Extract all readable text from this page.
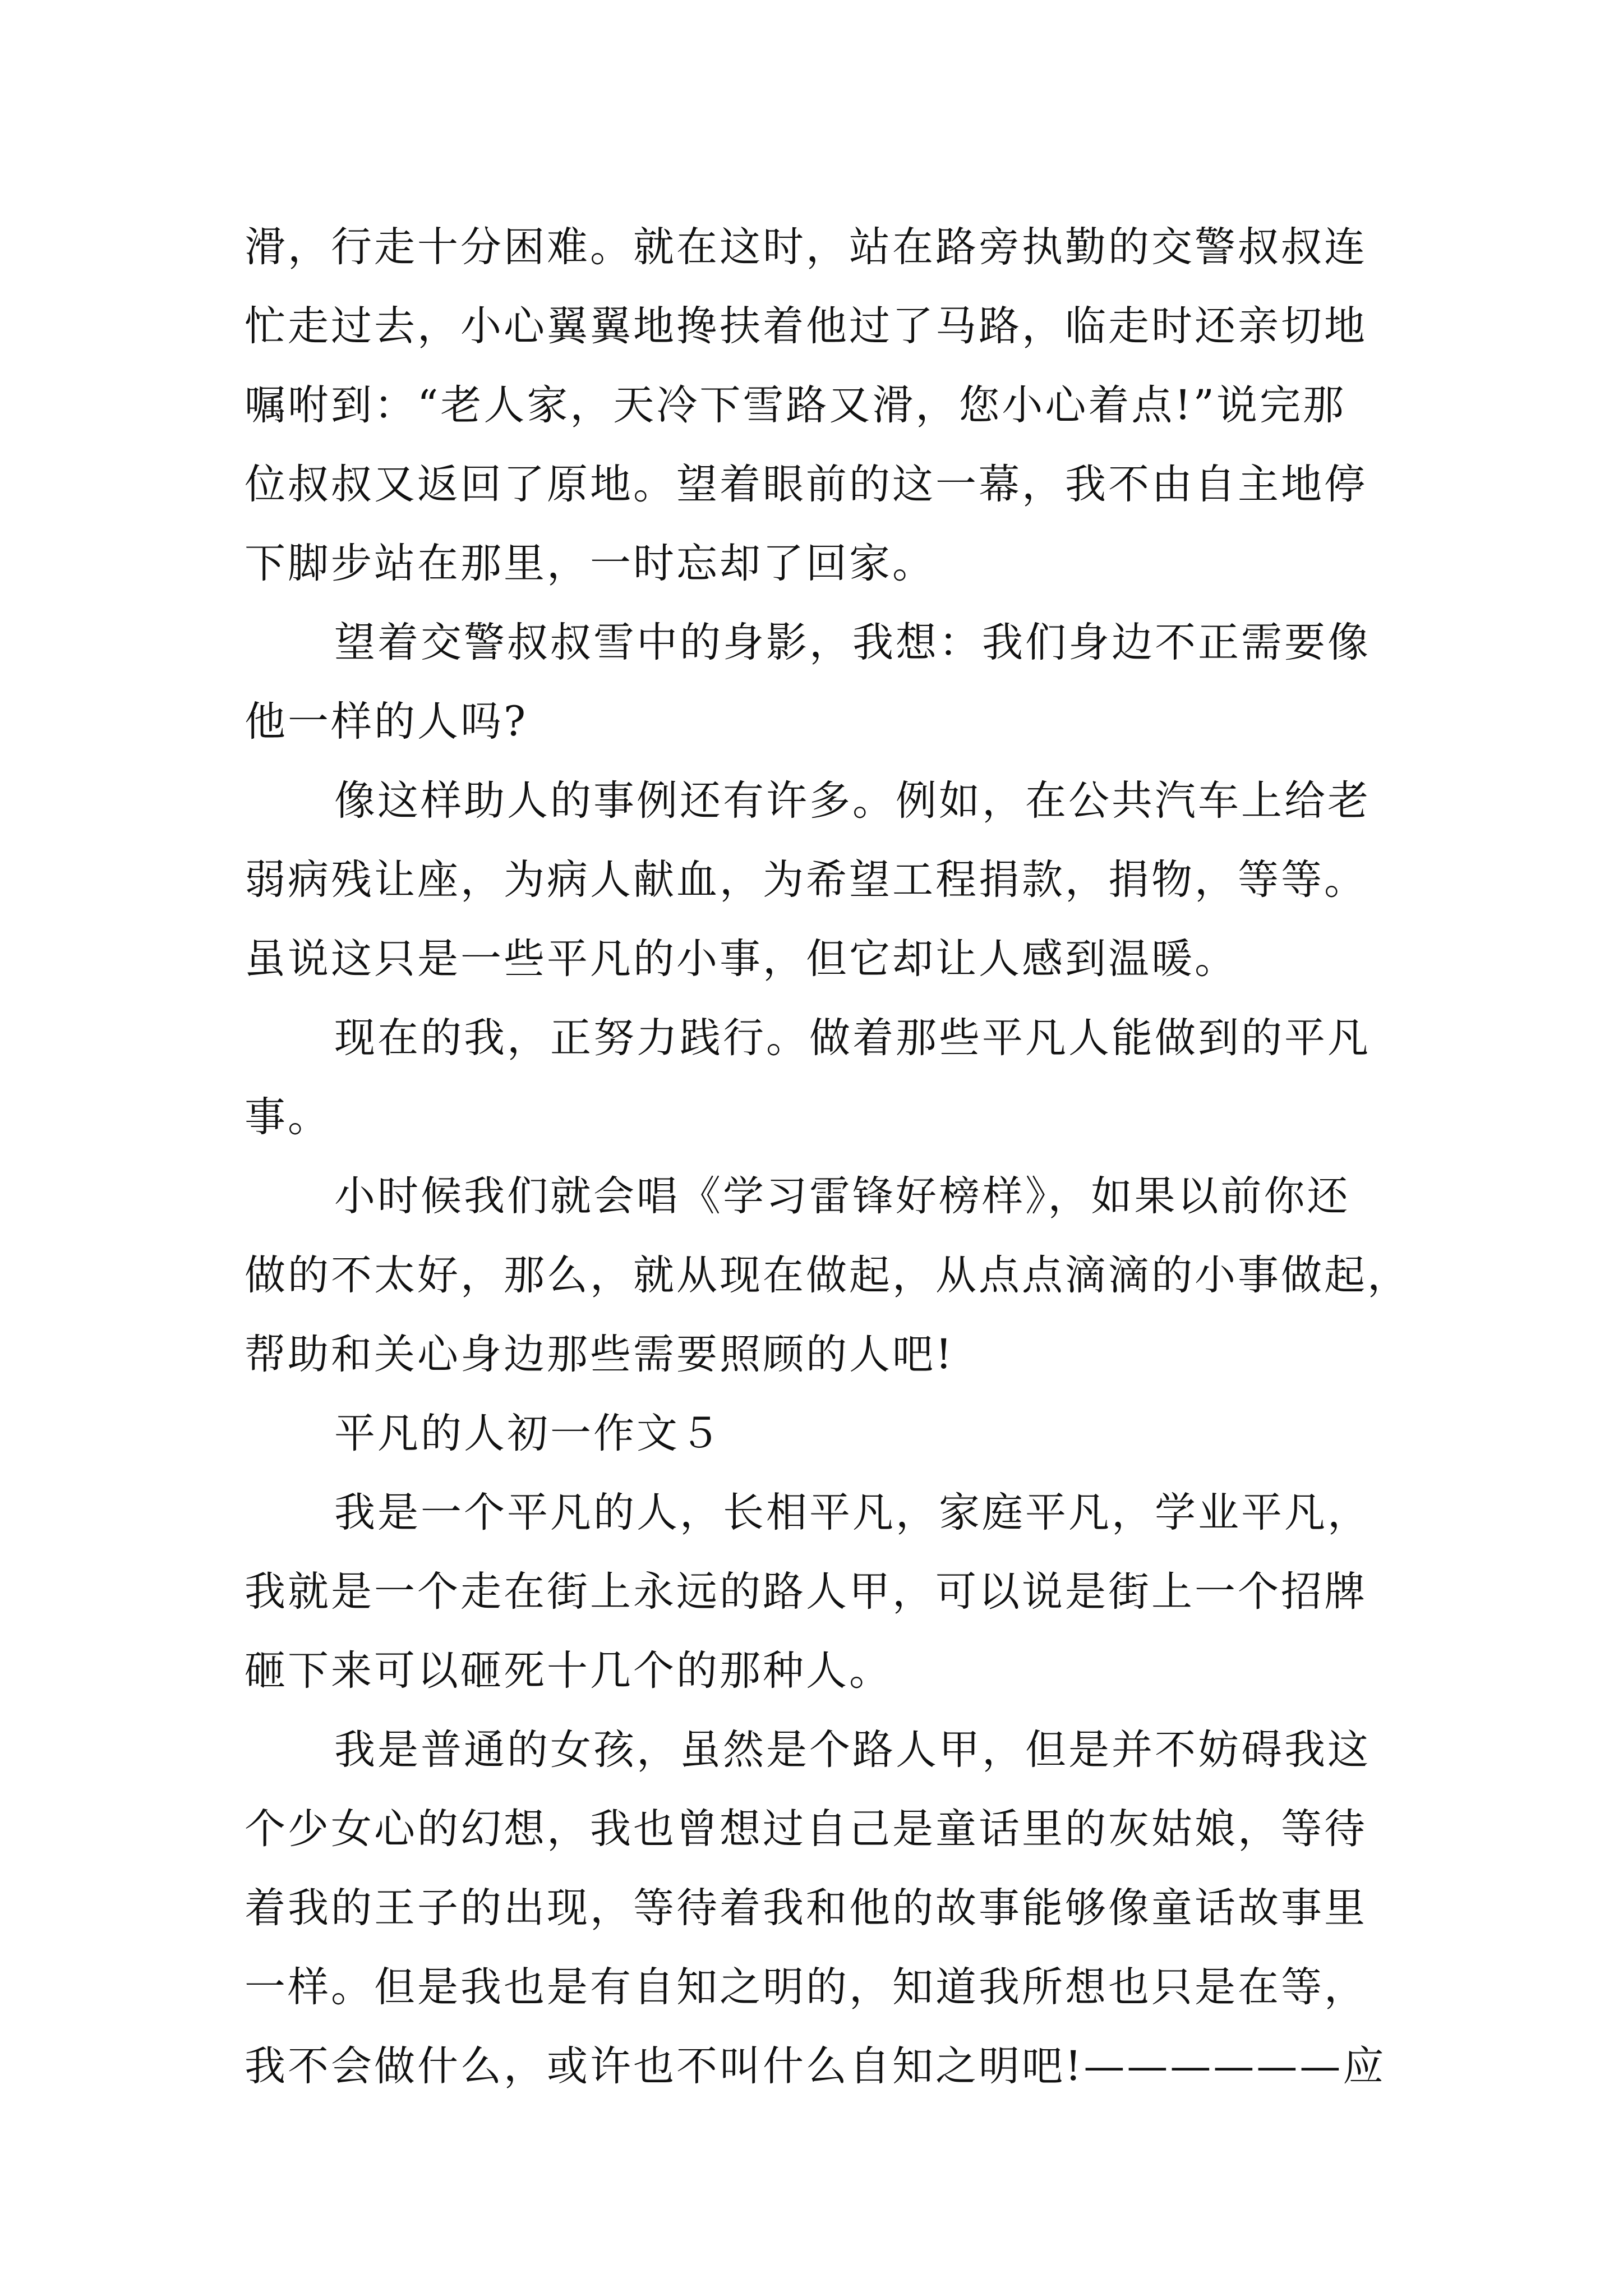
滑，行走十分困难。就在这时，站在路旁执勤的交警叔叔连
忙走过去，小心翼翼地搀扶着他过了马路，临走时还亲切地
嘱咐到：“老人家，天冷下雪路又滑，您小心着点!”说完那
位叔叔又返回了原地。望着眼前的这一幕，我不由自主地停
下脚步站在那里，一时忘却了回家。
望着交警叔叔雪中的身影，我想：我们身边不正需要像
他一样的人吗?
像这样助人的事例还有许多。例如，在公共汽车上给老
弱病残让座，为病人献血，为希望工程捐款，捐物，等等。
虽说这只是一些平凡的小事，但它却让人感到温暖。
现在的我，正努力践行。做着那些平凡人能做到的平凡
事。
小时候我们就会唱《学习雷锋好榜样》，如果以前你还
做的不太好，那么，就从现在做起，从点点滴滴的小事做起，
帮助和关心身边那些需要照顾的人吧!
平凡的人初一作文５
我是一个平凡的人，长相平凡，家庭平凡，学业平凡，
我就是一个走在街上永远的路人甲，可以说是街上一个招牌
砸下来可以砸死十几个的那种人。
我是普通的女孩，虽然是个路人甲，但是并不妨碍我这
个少女心的幻想，我也曾想过自己是童话里的灰姑娘，等待
着我的王子的出现，等待着我和他的故事能够像童话故事里
一样。但是我也是有自知之明的，知道我所想也只是在等，
我不会做什么，或许也不叫什么自知之明吧!——————应
